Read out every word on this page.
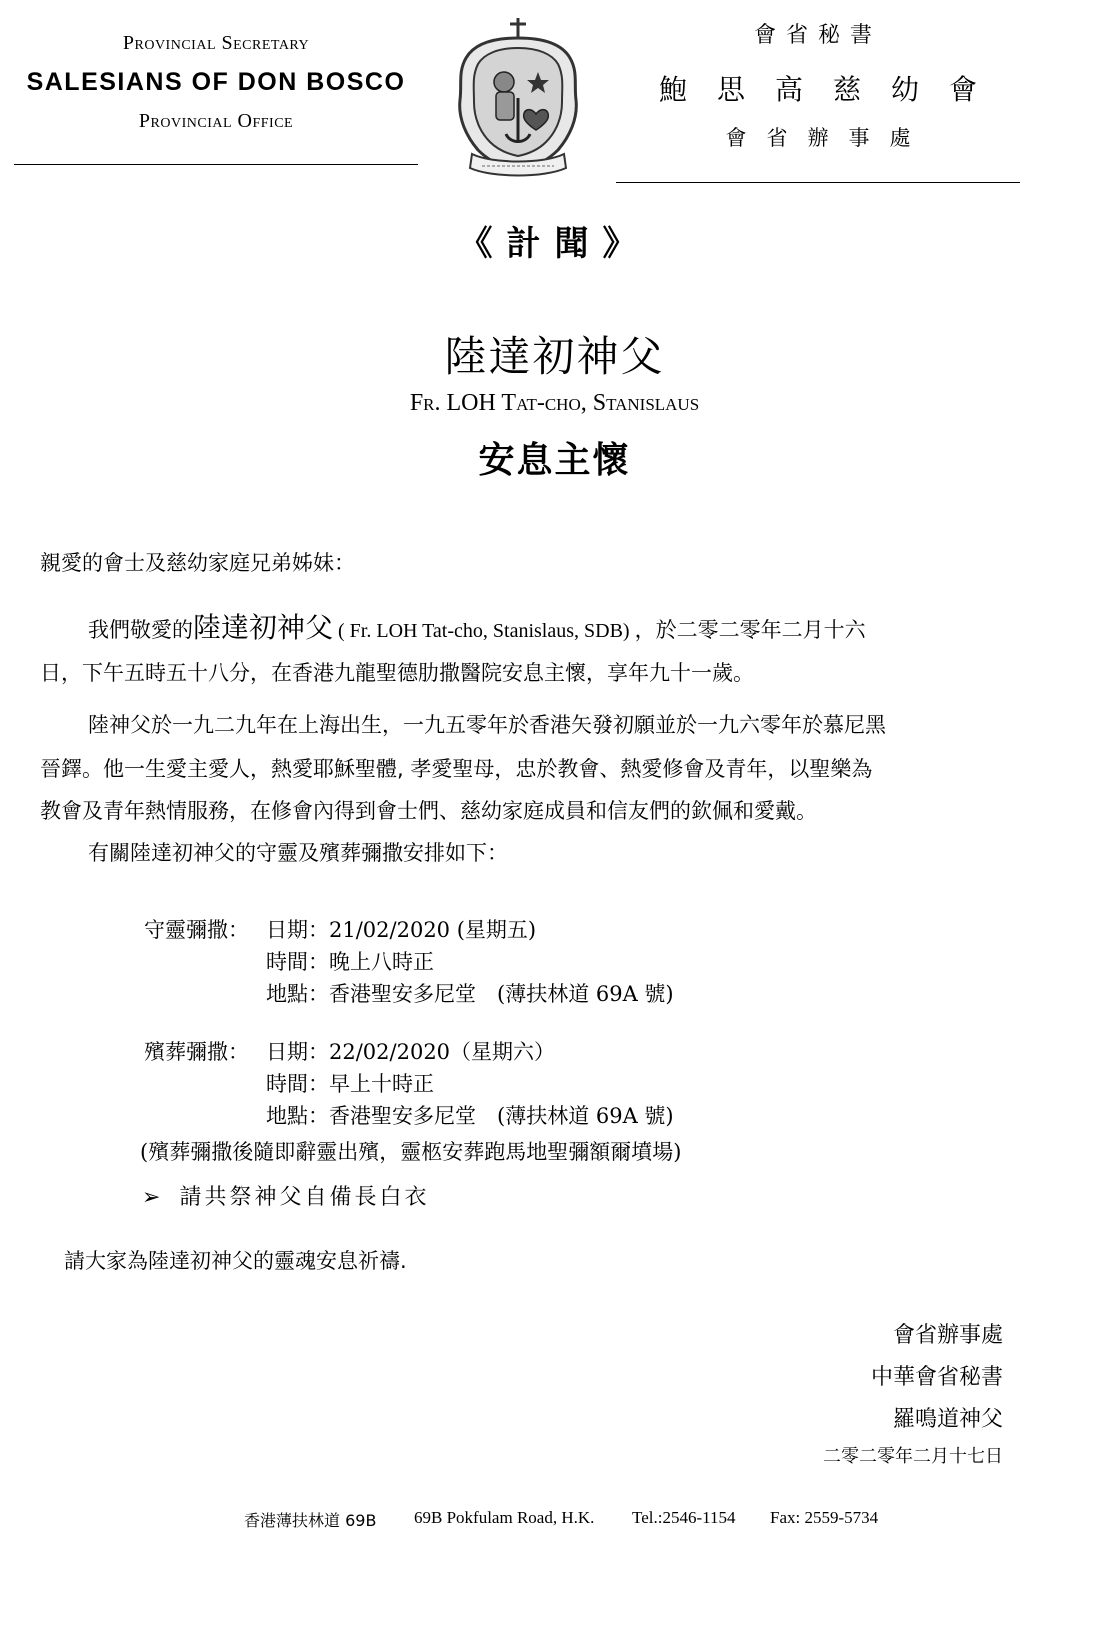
Provincial Secretary
SALESIANS OF DON BOSCO
Provincial Office
會省秘書
鮑思高慈幼會
會省辦事處
《計聞》
陸達初神父
Fr. LOH Tat-cho, Stanislaus
安息主懷
親愛的會士及慈幼家庭兄弟姊妹：
我們敬愛的陸達初神父 ( Fr. LOH Tat-cho, Stanislaus, SDB) ，於二零二零年二月十六
日，下午五時五十八分，在香港九龍聖德肋撒醫院安息主懷，享年九十一歲。
陸神父於一九二九年在上海出生，一九五零年於香港矢發初願並於一九六零年於慕尼黑
晉鐸。他一生愛主愛人，熱愛耶穌聖體, 孝愛聖母，忠於教會、熱愛修會及青年，以聖樂為
教會及青年熱情服務，在修會內得到會士們、慈幼家庭成員和信友們的欽佩和愛戴。
有關陸達初神父的守靈及殯葬彌撒安排如下：
守靈彌撒： 日期：21/02/2020 (星期五)
時間：晚上八時正
地點：香港聖安多尼堂　(薄扶林道 69A 號)
殯葬彌撒： 日期：22/02/2020（星期六）
時間：早上十時正
地點：香港聖安多尼堂　(薄扶林道 69A 號)
(殯葬彌撒後隨即辭靈出殯，靈柩安葬跑馬地聖彌額爾墳場)
➢ 請共祭神父自備長白衣
請大家為陸達初神父的靈魂安息祈禱.
會省辦事處
中華會省秘書
羅鳴道神父
二零二零年二月十七日
香港薄扶林道 69B 69B Pokfulam Road, H.K. Tel.:2546-1154 Fax: 2559-5734
